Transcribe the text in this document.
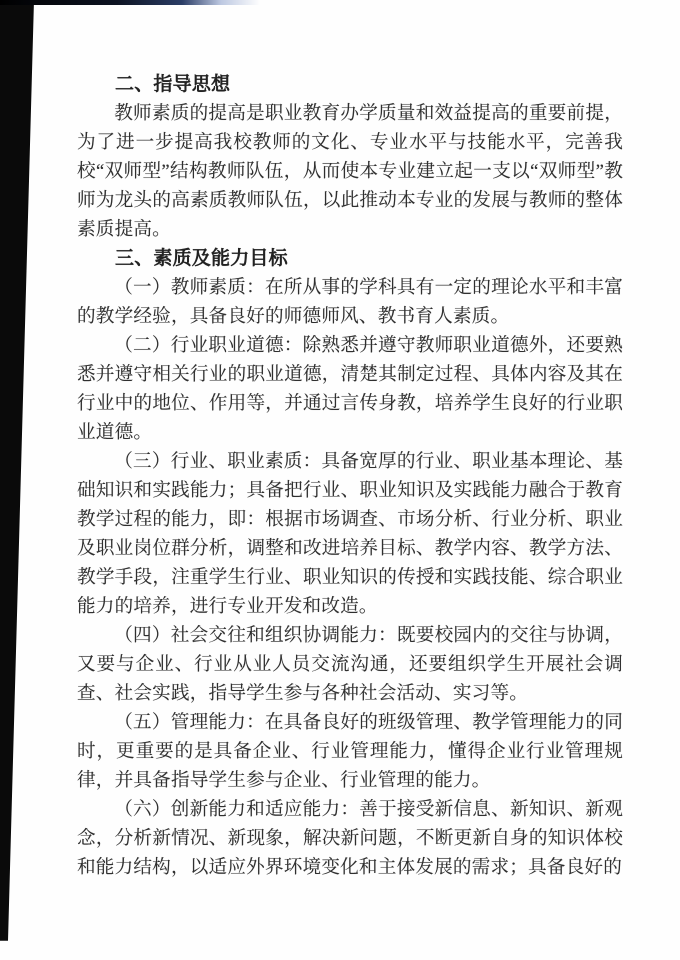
二、指导思想

教师素质的提高是职业教育办学质量和效益提高的重要前提，为了进一步提高我校教师的文化、专业水平与技能水平，完善我校“双师型”结构教师队伍，从而使本专业建立起一支以“双师型”教师为龙头的高素质教师队伍，以此推动本专业的发展与教师的整体素质提高。

三、素质及能力目标

（一）教师素质：在所从事的学科具有一定的理论水平和丰富的教学经验，具备良好的师德师风、教书育人素质。

（二）行业职业道德：除熟悉并遵守教师职业道德外，还要熟悉并遵守相关行业的职业道德，清楚其制定过程、具体内容及其在行业中的地位、作用等，并通过言传身教，培养学生良好的行业职业道德。

（三）行业、职业素质：具备宽厚的行业、职业基本理论、基础知识和实践能力；具备把行业、职业知识及实践能力融合于教育教学过程的能力，即：根据市场调查、市场分析、行业分析、职业及职业岗位群分析，调整和改进培养目标、教学内容、教学方法、教学手段，注重学生行业、职业知识的传授和实践技能、综合职业能力的培养，进行专业开发和改造。

（四）社会交往和组织协调能力：既要校园内的交往与协调，又要与企业、行业从业人员交流沟通，还要组织学生开展社会调查、社会实践，指导学生参与各种社会活动、实习等。

（五）管理能力：在具备良好的班级管理、教学管理能力的同时，更重要的是具备企业、行业管理能力，懂得企业行业管理规律，并具备指导学生参与企业、行业管理的能力。

（六）创新能力和适应能力：善于接受新信息、新知识、新观念，分析新情况、新现象，解决新问题，不断更新自身的知识体校和能力结构，以适应外界环境变化和主体发展的需求；具备良好的
